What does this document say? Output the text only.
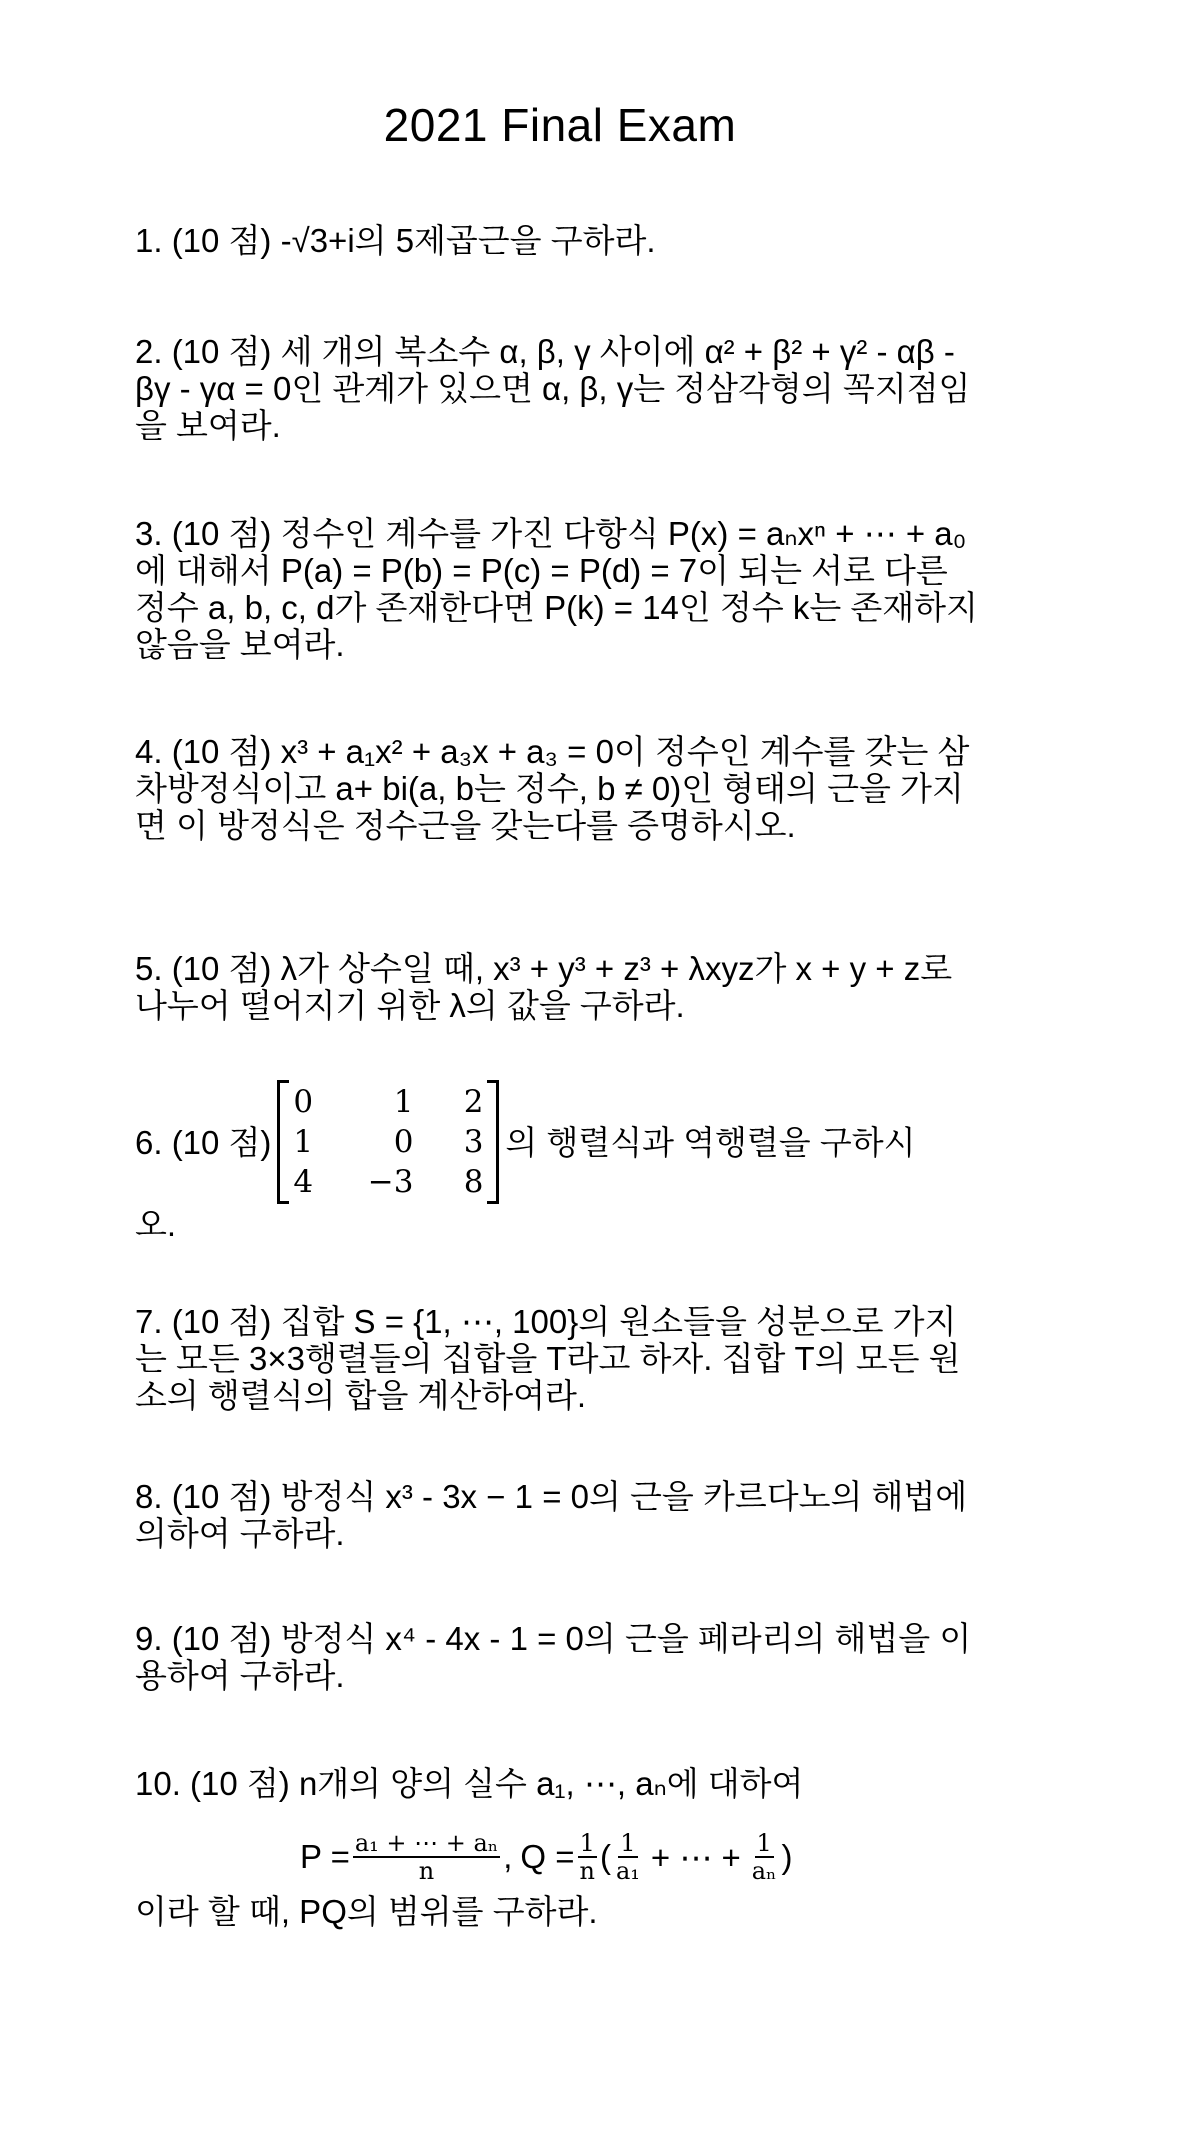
2021 Final Exam
1. (10 점) -√3+i의 5제곱근을 구하라.
2. (10 점) 세 개의 복소수 α, β, γ 사이에 α² + β² + γ² - αβ - βγ - γα = 0인 관계가 있으면 α, β, γ는 정삼각형의 꼭지점임을 보여라.
3. (10 점) 정수인 계수를 가진 다항식 P(x) = aₙxⁿ + ⋯ + a₀에 대해서 P(a) = P(b) = P(c) = P(d) = 7이 되는 서로 다른 정수 a, b, c, d가 존재한다면 P(k) = 14인 정수 k는 존재하지 않음을 보여라.
4. (10 점) x³ + a₁x² + a₃x + a₃ = 0이 정수인 계수를 갖는 삼차방정식이고 a+ bi(a, b는 정수, b ≠ 0)인 형태의 근을 가지면 이 방정식은 정수근을 갖는다를 증명하시오.
5. (10 점) λ가 상수일 때, x³ + y³ + z³ + λxyz가 x + y + z로 나누어 떨어지기 위한 λ의 값을 구하라.
6. (10 점)
0	1	2
1	0	3
4	−3	8
의 행렬식과 역행렬을 구하시
오.
7. (10 점) 집합 S = {1, ⋯, 100}의 원소들을 성분으로 가지는 모든 3×3행렬들의 집합을 T라고 하자. 집합 T의 모든 원소의 행렬식의 합을 계산하여라.
8. (10 점) 방정식 x³ - 3x − 1 = 0의 근을 카르다노의 해법에 의하여 구하라.
9. (10 점) 방정식 x⁴ - 4x - 1 = 0의 근을 페라리의 해법을 이용하여 구하라.
10. (10 점) n개의 양의 실수 a₁, ⋯, aₙ에 대하여
$P = \frac{\text{a₁ + ⋯ + aₙ}}{n}$ , $Q = \frac{1}{n}$ ( $\frac{1}{\text{a₁}}$ + ⋯ + $\frac{1}{\text{aₙ}}$ )
이라 할 때, PQ의 범위를 구하라.
